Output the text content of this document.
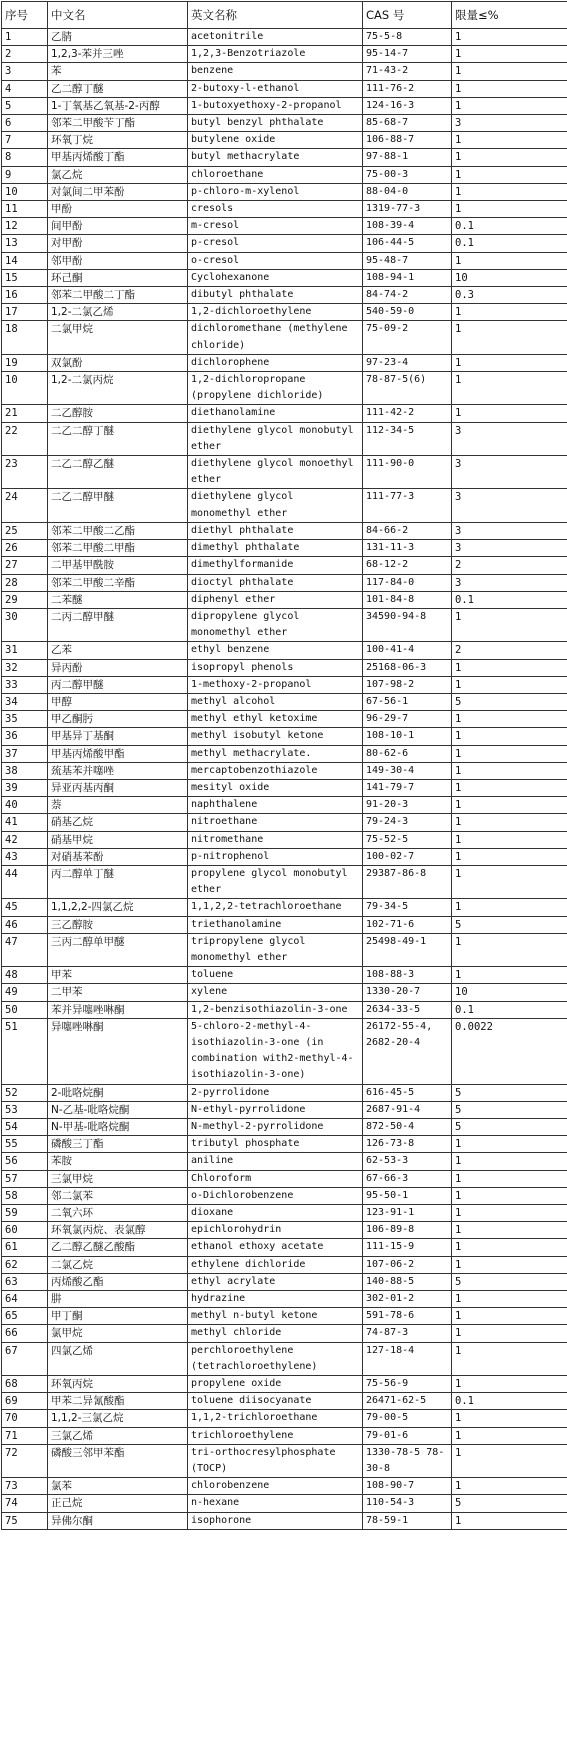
序号	中文名	英文名称	CAS 号	限量≤%
1	乙腈	acetonitrile	75-5-8	1
2	1,2,3-苯并三唑	1,2,3-Benzotriazole	95-14-7	1
3	苯	benzene	71-43-2	1
4	乙二醇丁醚	2-butoxy-l-ethanol	111-76-2	1
5	1-丁氧基乙氧基-2-丙醇	1-butoxyethoxy-2-propanol	124-16-3	1
6	邻苯二甲酸苄丁酯	butyl benzyl phthalate	85-68-7	3
7	环氧丁烷	butylene oxide	106-88-7	1
8	甲基丙烯酸丁酯	butyl methacrylate	97-88-1	1
9	氯乙烷	chloroethane	75-00-3	1
10	对氯间二甲苯酚	p-chloro-m-xylenol	88-04-0	1
11	甲酚	cresols	1319-77-3	1
12	间甲酚	m-cresol	108-39-4	0.1
13	对甲酚	p-cresol	106-44-5	0.1
14	邻甲酚	o-cresol	95-48-7	1
15	环己酮	Cyclohexanone	108-94-1	10
16	邻苯二甲酸二丁酯	dibutyl phthalate	84-74-2	0.3
17	1,2-二氯乙烯	1,2-dichloroethylene	540-59-0	1
18	二氯甲烷	dichloromethane (methylene chloride)	75-09-2	1
19	双氯酚	dichlorophene	97-23-4	1
10	1,2-二氯丙烷	1,2-dichloropropane (propylene dichloride)	78-87-5(6)	1
21	二乙醇胺	diethanolamine	111-42-2	1
22	二乙二醇丁醚	diethylene glycol monobutyl ether	112-34-5	3
23	二乙二醇乙醚	diethylene glycol monoethyl ether	111-90-0	3
24	二乙二醇甲醚	diethylene glycol monomethyl ether	111-77-3	3
25	邻苯二甲酸二乙酯	diethyl phthalate	84-66-2	3
26	邻苯二甲酸二甲酯	dimethyl phthalate	131-11-3	3
27	二甲基甲酰胺	dimethylformanide	68-12-2	2
28	邻苯二甲酸二辛酯	dioctyl phthalate	117-84-0	3
29	二苯醚	diphenyl ether	101-84-8	0.1
30	二丙二醇甲醚	dipropylene glycol monomethyl ether	34590-94-8	1
31	乙苯	ethyl benzene	100-41-4	2
32	异丙酚	isopropyl phenols	25168-06-3	1
33	丙二醇甲醚	1-methoxy-2-propanol	107-98-2	1
34	甲醇	methyl alcohol	67-56-1	5
35	甲乙酮肟	methyl ethyl ketoxime	96-29-7	1
36	甲基异丁基酮	methyl isobutyl ketone	108-10-1	1
37	甲基丙烯酸甲酯	methyl methacrylate.	80-62-6	1
38	巯基苯并噻唑	mercaptobenzothiazole	149-30-4	1
39	异亚丙基丙酮	mesityl oxide	141-79-7	1
40	萘	naphthalene	91-20-3	1
41	硝基乙烷	nitroethane	79-24-3	1
42	硝基甲烷	nitromethane	75-52-5	1
43	对硝基苯酚	p-nitrophenol	100-02-7	1
44	丙二醇单丁醚	propylene glycol monobutyl ether	29387-86-8	1
45	1,1,2,2-四氯乙烷	1,1,2,2-tetrachloroethane	79-34-5	1
46	三乙醇胺	triethanolamine	102-71-6	5
47	三丙二醇单甲醚	tripropylene glycol monomethyl ether	25498-49-1	1
48	甲苯	toluene	108-88-3	1
49	二甲苯	xylene	1330-20-7	10
50	苯并异噻唑啉酮	1,2-benzisothiazolin-3-one	2634-33-5	0.1
51	异噻唑啉酮	5-chloro-2-methyl-4-isothiazolin-3-one (in combination with2-methyl-4-isothiazolin-3-one)	26172-55-4, 2682-20-4	0.0022
52	2-吡咯烷酮	2-pyrrolidone	616-45-5	5
53	N-乙基-吡咯烷酮	N-ethyl-pyrrolidone	2687-91-4	5
54	N-甲基-吡咯烷酮	N-methyl-2-pyrrolidone	872-50-4	5
55	磷酸三丁酯	tributyl phosphate	126-73-8	1
56	苯胺	aniline	62-53-3	1
57	三氯甲烷	Chloroform	67-66-3	1
58	邻二氯苯	o-Dichlorobenzene	95-50-1	1
59	二氧六环	dioxane	123-91-1	1
60	环氧氯丙烷、表氯醇	epichlorohydrin	106-89-8	1
61	乙二醇乙醚乙酸酯	ethanol ethoxy acetate	111-15-9	1
62	二氯乙烷	ethylene dichloride	107-06-2	1
63	丙烯酸乙酯	ethyl acrylate	140-88-5	5
64	肼	hydrazine	302-01-2	1
65	甲丁酮	methyl n-butyl ketone	591-78-6	1
66	氯甲烷	methyl chloride	74-87-3	1
67	四氯乙烯	perchloroethylene (tetrachloroethylene)	127-18-4	1
68	环氧丙烷	propylene oxide	75-56-9	1
69	甲苯二异氰酸酯	toluene diisocyanate	26471-62-5	0.1
70	1,1,2-三氯乙烷	1,1,2-trichloroethane	79-00-5	1
71	三氯乙烯	trichloroethylene	79-01-6	1
72	磷酸三邻甲苯酯	tri-orthocresylphosphate (TOCP)	1330-78-5 78-30-8	1
73	氯苯	chlorobenzene	108-90-7	1
74	正己烷	n-hexane	110-54-3	5
75	异佛尔酮	isophorone	78-59-1	1
